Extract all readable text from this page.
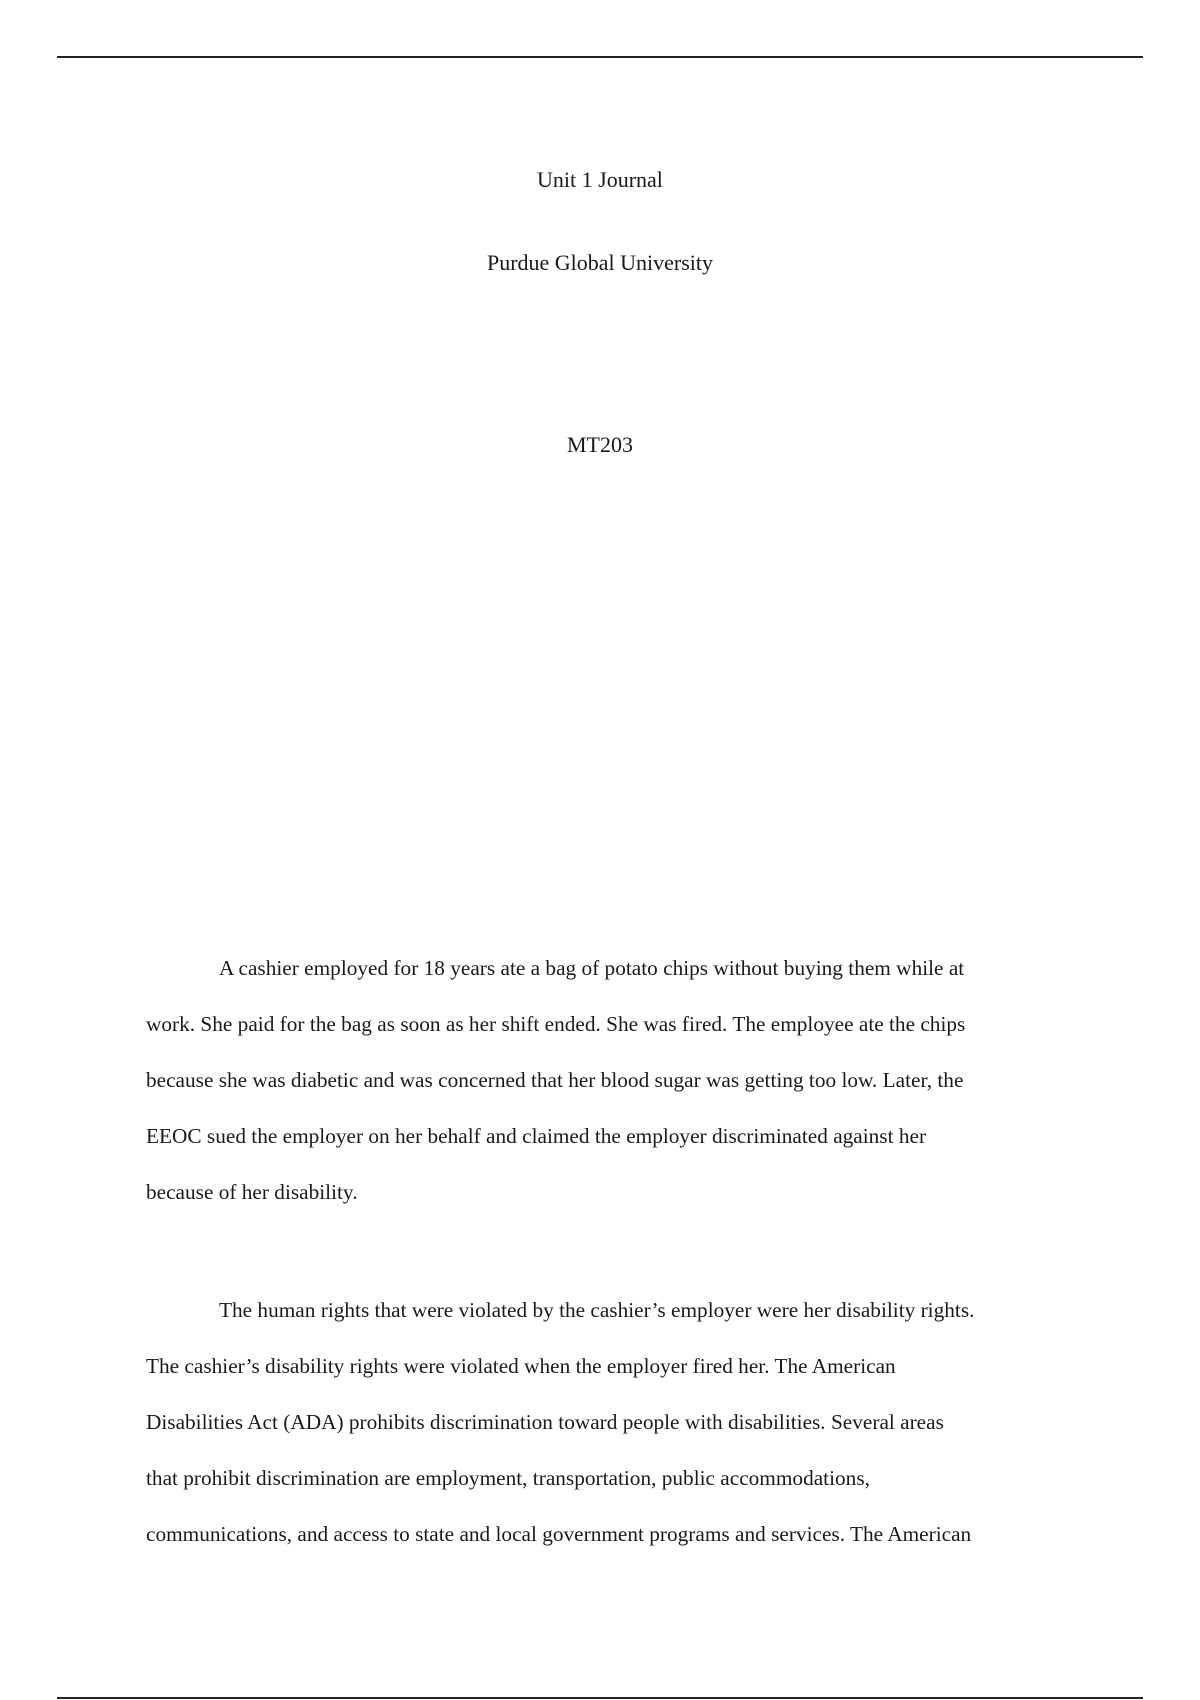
Unit 1 Journal
Purdue Global University
MT203
A cashier employed for 18 years ate a bag of potato chips without buying them while at
work. She paid for the bag as soon as her shift ended. She was fired. The employee ate the chips
because she was diabetic and was concerned that her blood sugar was getting too low. Later, the
EEOC sued the employer on her behalf and claimed the employer discriminated against her
because of her disability.
The human rights that were violated by the cashier’s employer were her disability rights.
The cashier’s disability rights were violated when the employer fired her. The American
Disabilities Act (ADA) prohibits discrimination toward people with disabilities. Several areas
that prohibit discrimination are employment, transportation, public accommodations,
communications, and access to state and local government programs and services. The American
